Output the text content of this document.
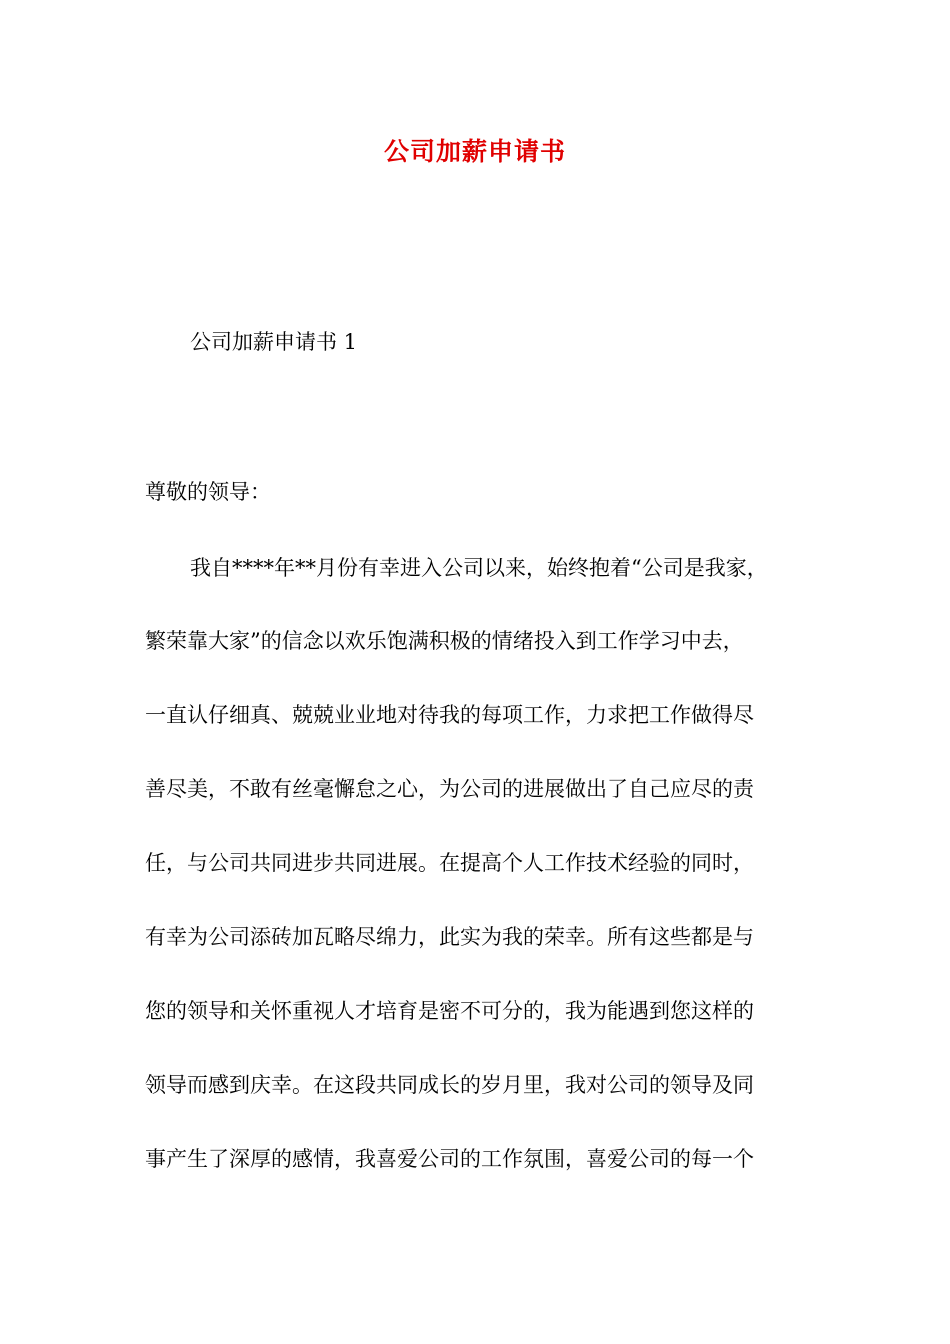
公司加薪申请书
公司加薪申请书 1
尊敬的领导：
我自****年**月份有幸进入公司以来，始终抱着“公司是我家，
繁荣靠大家”的信念以欢乐饱满积极的情绪投入到工作学习中去，
一直认仔细真、兢兢业业地对待我的每项工作，力求把工作做得尽
善尽美，不敢有丝毫懈怠之心，为公司的进展做出了自己应尽的责
任，与公司共同进步共同进展。在提高个人工作技术经验的同时，
有幸为公司添砖加瓦略尽绵力，此实为我的荣幸。所有这些都是与
您的领导和关怀重视人才培育是密不可分的，我为能遇到您这样的
领导而感到庆幸。在这段共同成长的岁月里，我对公司的领导及同
事产生了深厚的感情，我喜爱公司的工作氛围，喜爱公司的每一个
